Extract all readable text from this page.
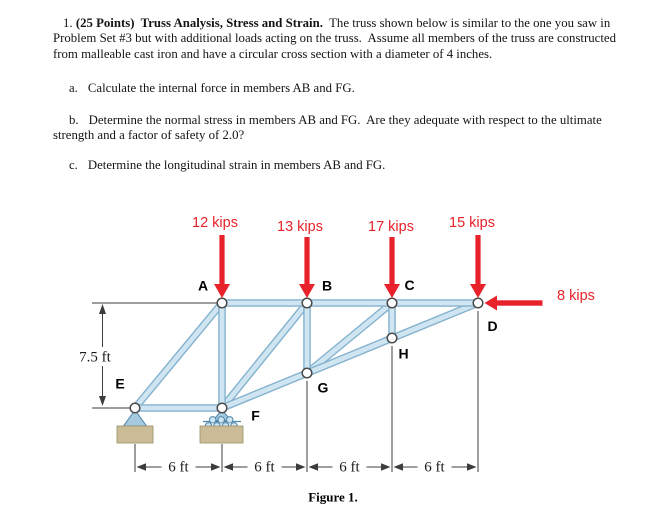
1. (25 Points) Truss Analysis, Stress and Strain. The truss shown below is similar to the one you saw in Problem Set #3 but with additional loads acting on the truss.  Assume all members of the truss are constructed from malleable cast iron and have a circular cross section with a diameter of 4 inches.

a. Calculate the internal force in members AB and FG.

b. Determine the normal stress in members AB and FG.  Are they adequate with respect to the ultimate strength and a factor of safety of 2.0?

c. Determine the longitudinal strain in members AB and FG.

12 kips	13 kips	17 kips 15 kips
8 kips
A	B	C
D
E
F
G
H
7.5 ft
6 ft	6 ft	6 ft	6 ft
Figure 1.
